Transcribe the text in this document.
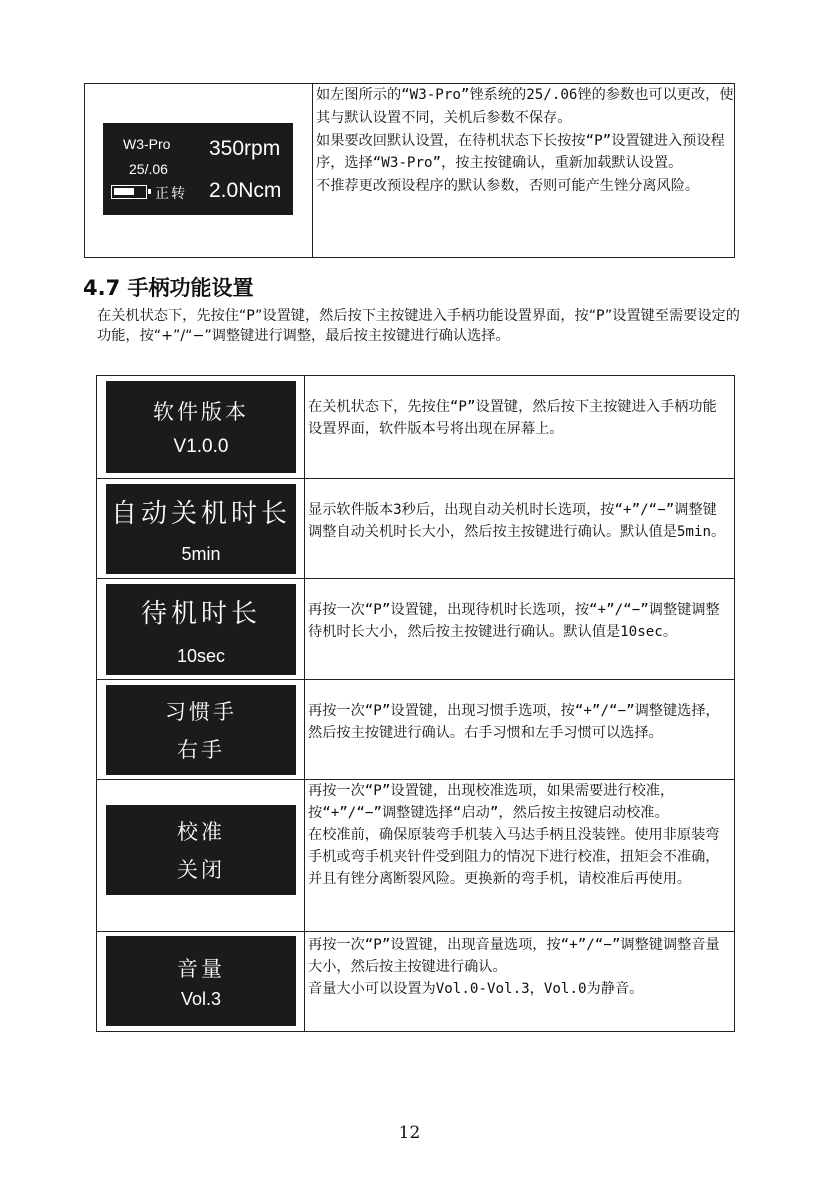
W3-Pro
25/.06
正转
350rpm
2.0Ncm
如左图所示的“W3-Pro”锉系统的25/.06锉的参数也可以更改，使其与默认设置不同，关机后参数不保存。
如果要改回默认设置，在待机状态下长按按“P”设置键进入预设程序，选择“W3-Pro”，按主按键确认，重新加载默认设置。
不推荐更改预设程序的默认参数，否则可能产生锉分离风险。
4.7 手柄功能设置
在关机状态下，先按住“P”设置键，然后按下主按键进入手柄功能设置界面，按“P”设置键至需要设定的功能，按“+”/“−”调整键进行调整，最后按主按键进行确认选择。
软件版本
V1.0.0
在关机状态下，先按住“P”设置键，然后按下主按键进入手柄功能设置界面，软件版本号将出现在屏幕上。
自动关机时长
5min
显示软件版本3秒后，出现自动关机时长选项，按“+”/“−”调整键调整自动关机时长大小，然后按主按键进行确认。默认值是5min。
待机时长
10sec
再按一次“P”设置键，出现待机时长选项，按“+”/“−”调整键调整待机时长大小，然后按主按键进行确认。默认值是10sec。
习惯手
右手
再按一次“P”设置键，出现习惯手选项，按“+”/“−”调整键选择，然后按主按键进行确认。右手习惯和左手习惯可以选择。
校准
关闭
再按一次“P”设置键，出现校准选项，如果需要进行校准，按“+”/“−”调整键选择“启动”，然后按主按键启动校准。
在校准前，确保原装弯手机装入马达手柄且没装锉。使用非原装弯手机或弯手机夹针件受到阻力的情况下进行校准，扭矩会不准确，并且有锉分离断裂风险。更换新的弯手机，请校准后再使用。
音量
Vol.3
再按一次“P”设置键，出现音量选项，按“+”/“−”调整键调整音量大小，然后按主按键进行确认。
音量大小可以设置为Vol.0-Vol.3，Vol.0为静音。
12
